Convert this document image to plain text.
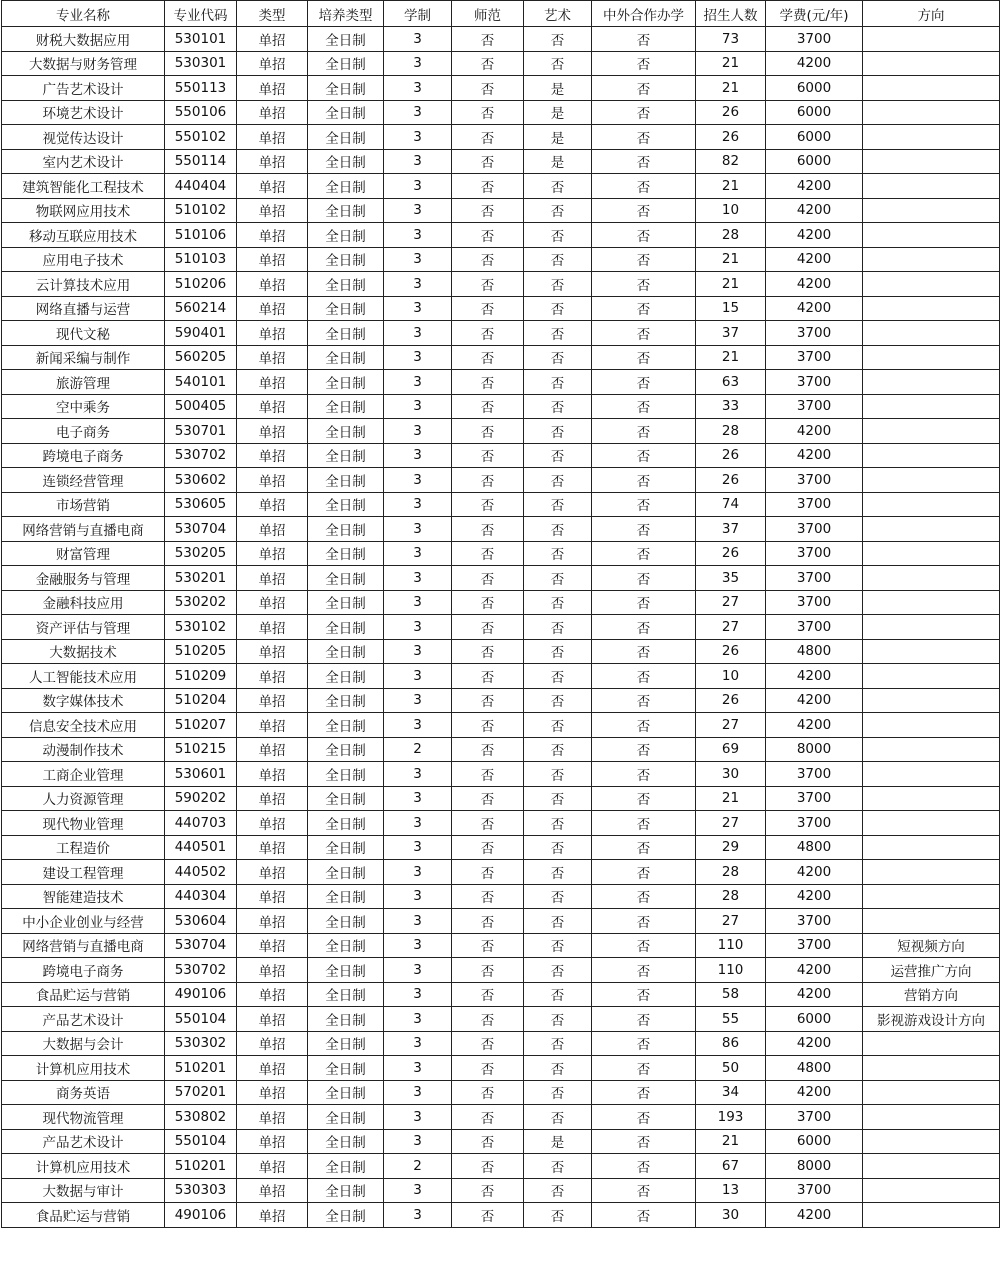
专业名称	专业代码	类型	培养类型	学制	师范	艺术	中外合作办学	招生人数	学费(元/年)	方向
财税大数据应用	530101	单招	全日制	3	否	否	否	73	3700	
大数据与财务管理	530301	单招	全日制	3	否	否	否	21	4200	
广告艺术设计	550113	单招	全日制	3	否	是	否	21	6000	
环境艺术设计	550106	单招	全日制	3	否	是	否	26	6000	
视觉传达设计	550102	单招	全日制	3	否	是	否	26	6000	
室内艺术设计	550114	单招	全日制	3	否	是	否	82	6000	
建筑智能化工程技术	440404	单招	全日制	3	否	否	否	21	4200	
物联网应用技术	510102	单招	全日制	3	否	否	否	10	4200	
移动互联应用技术	510106	单招	全日制	3	否	否	否	28	4200	
应用电子技术	510103	单招	全日制	3	否	否	否	21	4200	
云计算技术应用	510206	单招	全日制	3	否	否	否	21	4200	
网络直播与运营	560214	单招	全日制	3	否	否	否	15	4200	
现代文秘	590401	单招	全日制	3	否	否	否	37	3700	
新闻采编与制作	560205	单招	全日制	3	否	否	否	21	3700	
旅游管理	540101	单招	全日制	3	否	否	否	63	3700	
空中乘务	500405	单招	全日制	3	否	否	否	33	3700	
电子商务	530701	单招	全日制	3	否	否	否	28	4200	
跨境电子商务	530702	单招	全日制	3	否	否	否	26	4200	
连锁经营管理	530602	单招	全日制	3	否	否	否	26	3700	
市场营销	530605	单招	全日制	3	否	否	否	74	3700	
网络营销与直播电商	530704	单招	全日制	3	否	否	否	37	3700	
财富管理	530205	单招	全日制	3	否	否	否	26	3700	
金融服务与管理	530201	单招	全日制	3	否	否	否	35	3700	
金融科技应用	530202	单招	全日制	3	否	否	否	27	3700	
资产评估与管理	530102	单招	全日制	3	否	否	否	27	3700	
大数据技术	510205	单招	全日制	3	否	否	否	26	4800	
人工智能技术应用	510209	单招	全日制	3	否	否	否	10	4200	
数字媒体技术	510204	单招	全日制	3	否	否	否	26	4200	
信息安全技术应用	510207	单招	全日制	3	否	否	否	27	4200	
动漫制作技术	510215	单招	全日制	2	否	否	否	69	8000	
工商企业管理	530601	单招	全日制	3	否	否	否	30	3700	
人力资源管理	590202	单招	全日制	3	否	否	否	21	3700	
现代物业管理	440703	单招	全日制	3	否	否	否	27	3700	
工程造价	440501	单招	全日制	3	否	否	否	29	4800	
建设工程管理	440502	单招	全日制	3	否	否	否	28	4200	
智能建造技术	440304	单招	全日制	3	否	否	否	28	4200	
中小企业创业与经营	530604	单招	全日制	3	否	否	否	27	3700	
网络营销与直播电商	530704	单招	全日制	3	否	否	否	110	3700	短视频方向
跨境电子商务	530702	单招	全日制	3	否	否	否	110	4200	运营推广方向
食品贮运与营销	490106	单招	全日制	3	否	否	否	58	4200	营销方向
产品艺术设计	550104	单招	全日制	3	否	否	否	55	6000	影视游戏设计方向
大数据与会计	530302	单招	全日制	3	否	否	否	86	4200	
计算机应用技术	510201	单招	全日制	3	否	否	否	50	4800	
商务英语	570201	单招	全日制	3	否	否	否	34	4200	
现代物流管理	530802	单招	全日制	3	否	否	否	193	3700	
产品艺术设计	550104	单招	全日制	3	否	是	否	21	6000	
计算机应用技术	510201	单招	全日制	2	否	否	否	67	8000	
大数据与审计	530303	单招	全日制	3	否	否	否	13	3700	
食品贮运与营销	490106	单招	全日制	3	否	否	否	30	4200	
